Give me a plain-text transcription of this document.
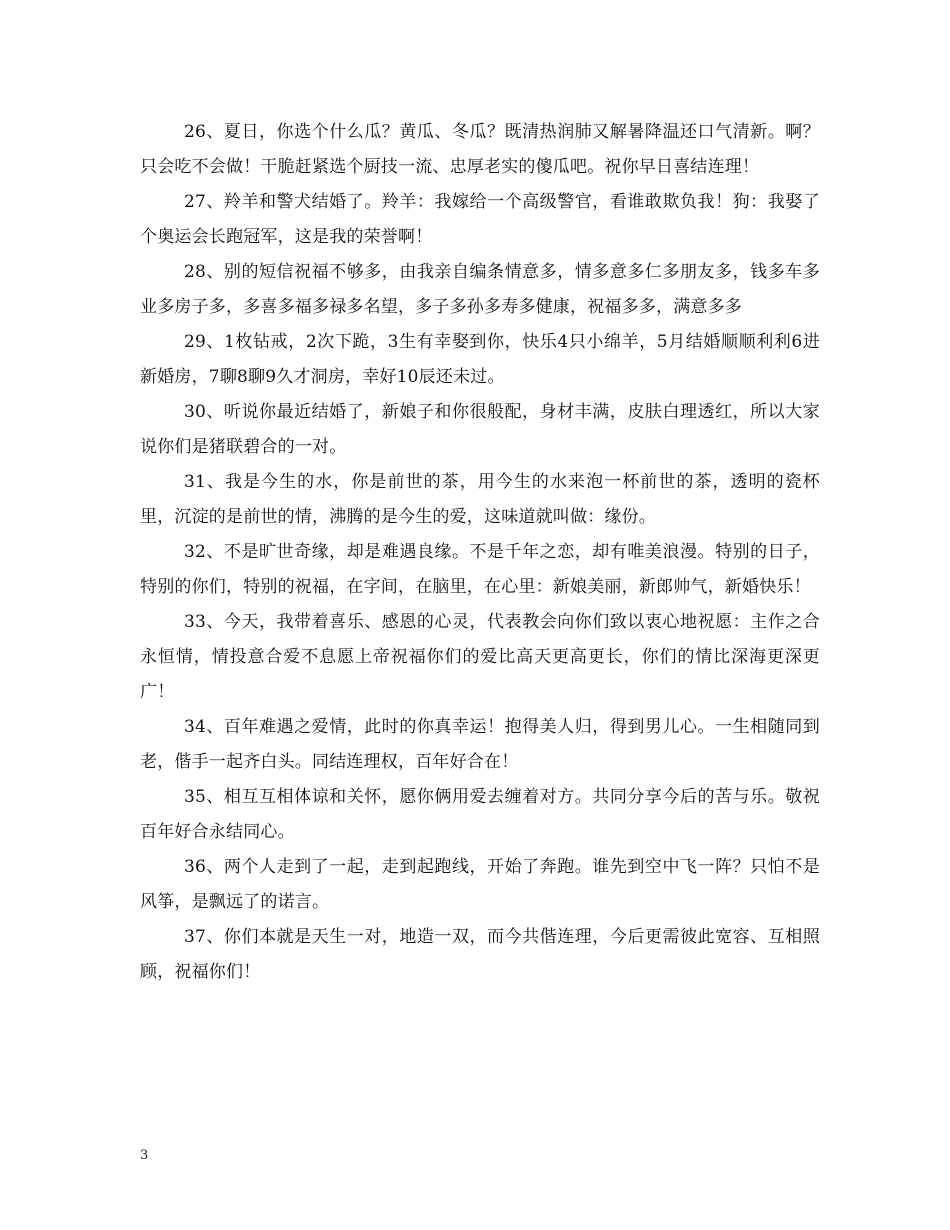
26、夏日，你选个什么瓜？黄瓜、冬瓜？既清热润肺又解暑降温还口气清新。啊？只会吃不会做！干脆赶紧选个厨技一流、忠厚老实的傻瓜吧。祝你早日喜结连理！

27、羚羊和警犬结婚了。羚羊：我嫁给一个高级警官，看谁敢欺负我！狗：我娶了个奥运会长跑冠军，这是我的荣誉啊！

28、别的短信祝福不够多，由我亲自编条情意多，情多意多仁多朋友多，钱多车多业多房子多，多喜多福多禄多名望，多子多孙多寿多健康，祝福多多，满意多多

29、1枚钻戒，2次下跪，3生有幸娶到你，快乐4只小绵羊，5月结婚顺顺利利6进新婚房，7聊8聊9久才洞房，幸好10辰还未过。

30、听说你最近结婚了，新娘子和你很般配，身材丰满，皮肤白理透红，所以大家说你们是猪联碧合的一对。

31、我是今生的水，你是前世的茶，用今生的水来泡一杯前世的茶，透明的瓷杯里，沉淀的是前世的情，沸腾的是今生的爱，这味道就叫做：缘份。

32、不是旷世奇缘，却是难遇良缘。不是千年之恋，却有唯美浪漫。特别的日子，特别的你们，特别的祝福，在字间，在脑里，在心里：新娘美丽，新郎帅气，新婚快乐！

33、今天，我带着喜乐、感恩的心灵，代表教会向你们致以衷心地祝愿：主作之合永恒情，情投意合爱不息愿上帝祝福你们的爱比高天更高更长，你们的情比深海更深更广！

34、百年难遇之爱情，此时的你真幸运！抱得美人归，得到男儿心。一生相随同到老，偕手一起齐白头。同结连理权，百年好合在！

35、相互互相体谅和关怀，愿你俩用爱去缠着对方。共同分享今后的苦与乐。敬祝百年好合永结同心。

36、两个人走到了一起，走到起跑线，开始了奔跑。谁先到空中飞一阵？只怕不是风筝，是飘远了的诺言。

37、你们本就是天生一对，地造一双，而今共偕连理，今后更需彼此宽容、互相照顾，祝福你们！

3
